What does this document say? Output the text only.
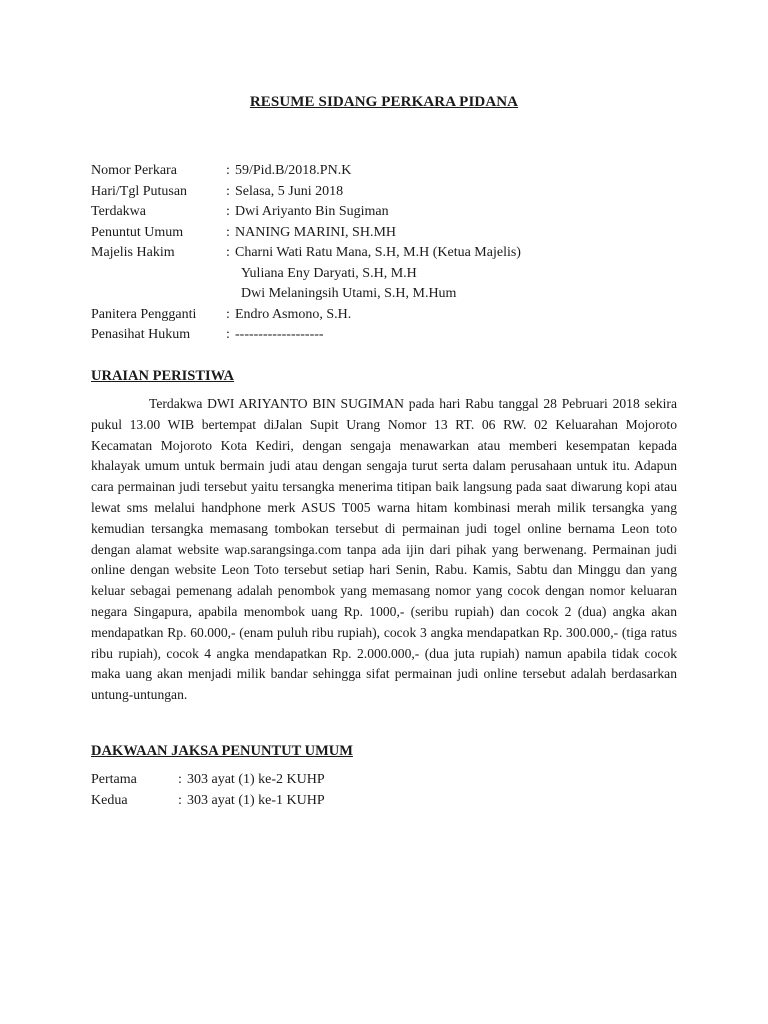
RESUME SIDANG PERKARA PIDANA
Nomor Perkara	: 59/Pid.B/2018.PN.K
Hari/Tgl Putusan	: Selasa, 5 Juni 2018
Terdakwa	: Dwi Ariyanto Bin Sugiman
Penuntut Umum	: NANING MARINI, SH.MH
Majelis Hakim	: Charni Wati Ratu Mana, S.H, M.H (Ketua Majelis)
Yuliana Eny Daryati, S.H, M.H
Dwi Melaningsih Utami, S.H, M.Hum
Panitera Pengganti	: Endro Asmono, S.H.
Penasihat Hukum	: -------------------
URAIAN PERISTIWA

Terdakwa DWI ARIYANTO BIN SUGIMAN pada hari Rabu tanggal 28 Pebruari 2018 sekira pukul 13.00 WIB bertempat diJalan Supit Urang Nomor 13 RT. 06 RW. 02 Keluarahan Mojoroto Kecamatan Mojoroto Kota Kediri, dengan sengaja menawarkan atau memberi kesempatan kepada khalayak umum untuk bermain judi atau dengan sengaja turut serta dalam perusahaan untuk itu. Adapun cara permainan judi tersebut yaitu tersangka menerima titipan baik langsung pada saat diwarung kopi atau lewat sms melalui handphone merk ASUS T005 warna hitam kombinasi merah milik tersangka yang kemudian tersangka memasang tombokan tersebut di permainan judi togel online bernama Leon toto dengan alamat website wap.sarangsinga.com tanpa ada ijin dari pihak yang berwenang. Permainan judi online dengan website Leon Toto tersebut setiap hari Senin, Rabu. Kamis, Sabtu dan Minggu dan yang keluar sebagai pemenang adalah penombok yang memasang nomor yang cocok dengan nomor keluaran negara Singapura, apabila menombok uang Rp. 1000,- (seribu rupiah) dan cocok 2 (dua) angka akan mendapatkan Rp. 60.000,- (enam puluh ribu rupiah), cocok 3 angka mendapatkan Rp. 300.000,- (tiga ratus ribu rupiah), cocok 4 angka mendapatkan Rp. 2.000.000,- (dua juta rupiah) namun apabila tidak cocok maka uang akan menjadi milik bandar sehingga sifat permainan judi online tersebut adalah berdasarkan untung-untungan.

DAKWAAN JAKSA PENUNTUT UMUM
Pertama	: 303 ayat (1) ke-2 KUHP
Kedua	: 303 ayat (1) ke-1 KUHP
